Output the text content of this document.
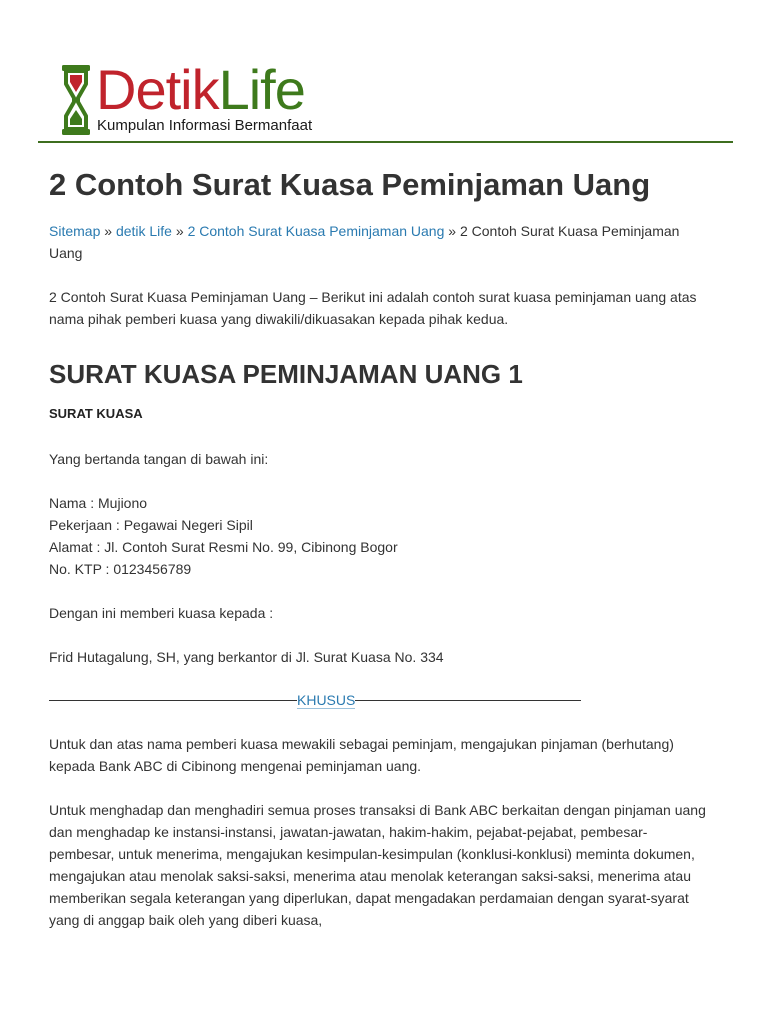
DetikLife
Kumpulan Informasi Bermanfaat
2 Contoh Surat Kuasa Peminjaman Uang
Sitemap » detik Life » 2 Contoh Surat Kuasa Peminjaman Uang » 2 Contoh Surat Kuasa Peminjaman Uang

2 Contoh Surat Kuasa Peminjaman Uang – Berikut ini adalah contoh surat kuasa peminjaman uang atas nama pihak pemberi kuasa yang diwakili/dikuasakan kepada pihak kedua.

SURAT KUASA PEMINJAMAN UANG 1
SURAT KUASA

Yang bertanda tangan di bawah ini:

Nama : Mujiono
Pekerjaan : Pegawai Negeri Sipil
Alamat : Jl. Contoh Surat Resmi No. 99, Cibinong Bogor
No. KTP : 0123456789

Dengan ini memberi kuasa kepada :

Frid Hutagalung, SH, yang berkantor di Jl. Surat Kuasa No. 334

KHUSUS

Untuk dan atas nama pemberi kuasa mewakili sebagai peminjam, mengajukan pinjaman (berhutang) kepada Bank ABC di Cibinong mengenai peminjaman uang.

Untuk menghadap dan menghadiri semua proses transaksi di Bank ABC berkaitan dengan pinjaman uang dan menghadap ke instansi-instansi, jawatan-jawatan, hakim-hakim, pejabat-pejabat, pembesar-pembesar, untuk menerima, mengajukan kesimpulan-kesimpulan (konklusi-konklusi) meminta dokumen, mengajukan atau menolak saksi-saksi, menerima atau menolak keterangan saksi-saksi, menerima atau memberikan segala keterangan yang diperlukan, dapat mengadakan perdamaian dengan syarat-syarat yang di anggap baik oleh yang diberi kuasa,
